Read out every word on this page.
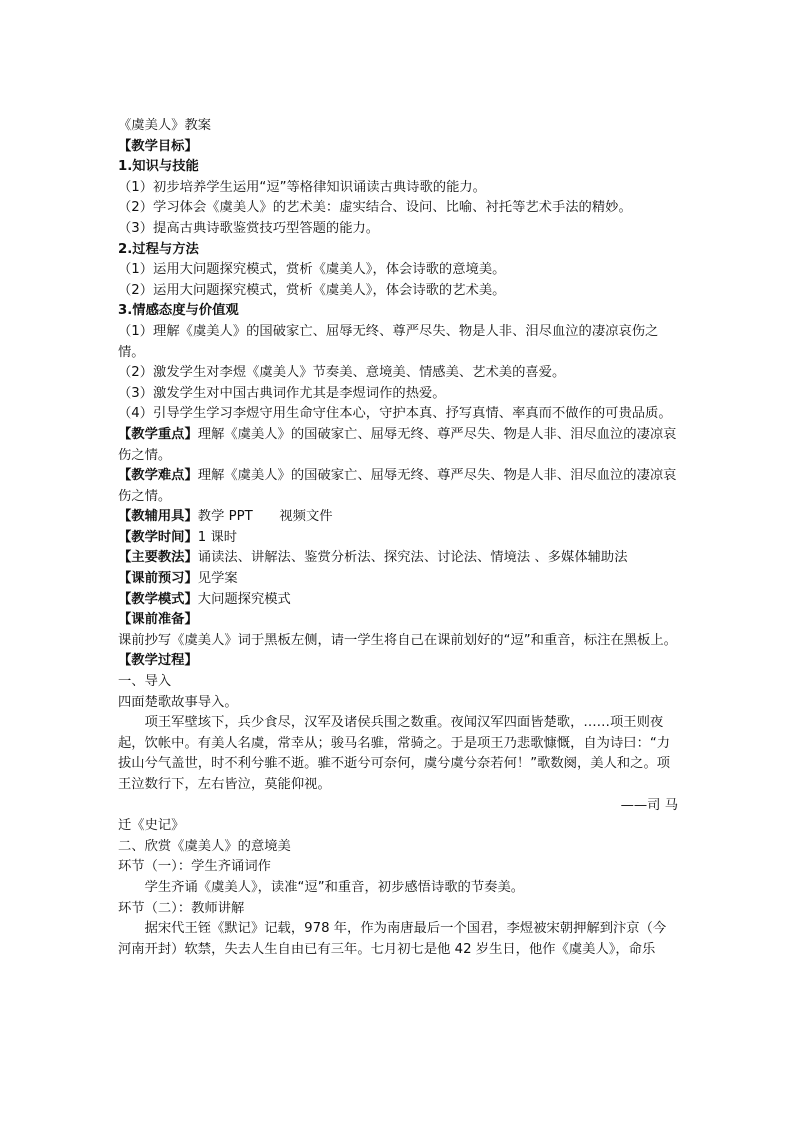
《虞美人》教案
【教学目标】
1.知识与技能
（1）初步培养学生运用“逗”等格律知识诵读古典诗歌的能力。
（2）学习体会《虞美人》的艺术美：虚实结合、设问、比喻、衬托等艺术手法的精妙。
（3）提高古典诗歌鉴赏技巧型答题的能力。
2.过程与方法
（1）运用大问题探究模式，赏析《虞美人》，体会诗歌的意境美。
（2）运用大问题探究模式，赏析《虞美人》，体会诗歌的艺术美。
3.情感态度与价值观
（1）理解《虞美人》的国破家亡、屈辱无终、尊严尽失、物是人非、泪尽血泣的凄凉哀伤之情。
（2）激发学生对李煜《虞美人》节奏美、意境美、情感美、艺术美的喜爱。
（3）激发学生对中国古典词作尤其是李煜词作的热爱。
（4）引导学生学习李煜守用生命守住本心，守护本真、抒写真情、率真而不做作的可贵品质。

【教学重点】理解《虞美人》的国破家亡、屈辱无终、尊严尽失、物是人非、泪尽血泣的凄凉哀伤之情。

【教学难点】理解《虞美人》的国破家亡、屈辱无终、尊严尽失、物是人非、泪尽血泣的凄凉哀伤之情。

【教辅用具】教学 PPT　　视频文件

【教学时间】1 课时

【主要教法】诵读法、讲解法、鉴赏分析法、探究法、讨论法、情境法 、多媒体辅助法

【课前预习】见学案

【教学模式】大问题探究模式

【课前准备】
课前抄写《虞美人》词于黑板左侧，请一学生将自己在课前划好的“逗”和重音，标注在黑板上。
【教学过程】
一、导入
四面楚歌故事导入。
项王军壁垓下，兵少食尽，汉军及诸侯兵围之数重。夜闻汉军四面皆楚歌，……项王则夜起，饮帐中。有美人名虞，常幸从；骏马名骓，常骑之。于是项王乃悲歌慷慨，自为诗曰：“力拔山兮气盖世，时不利兮骓不逝。骓不逝兮可奈何，虞兮虞兮奈若何！”歌数阕，美人和之。项王泣数行下，左右皆泣，莫能仰视。
——司 马
迁《史记》
二、欣赏《虞美人》的意境美
环节（一）：学生齐诵词作
学生齐诵《虞美人》，读准“逗”和重音，初步感悟诗歌的节奏美。
环节（二）：教师讲解
据宋代王铚《默记》记载，978 年，作为南唐最后一个国君，李煜被宋朝押解到汴京（今河南开封）软禁，失去人生自由已有三年。七月初七是他 42 岁生日，他作《虞美人》，命乐
